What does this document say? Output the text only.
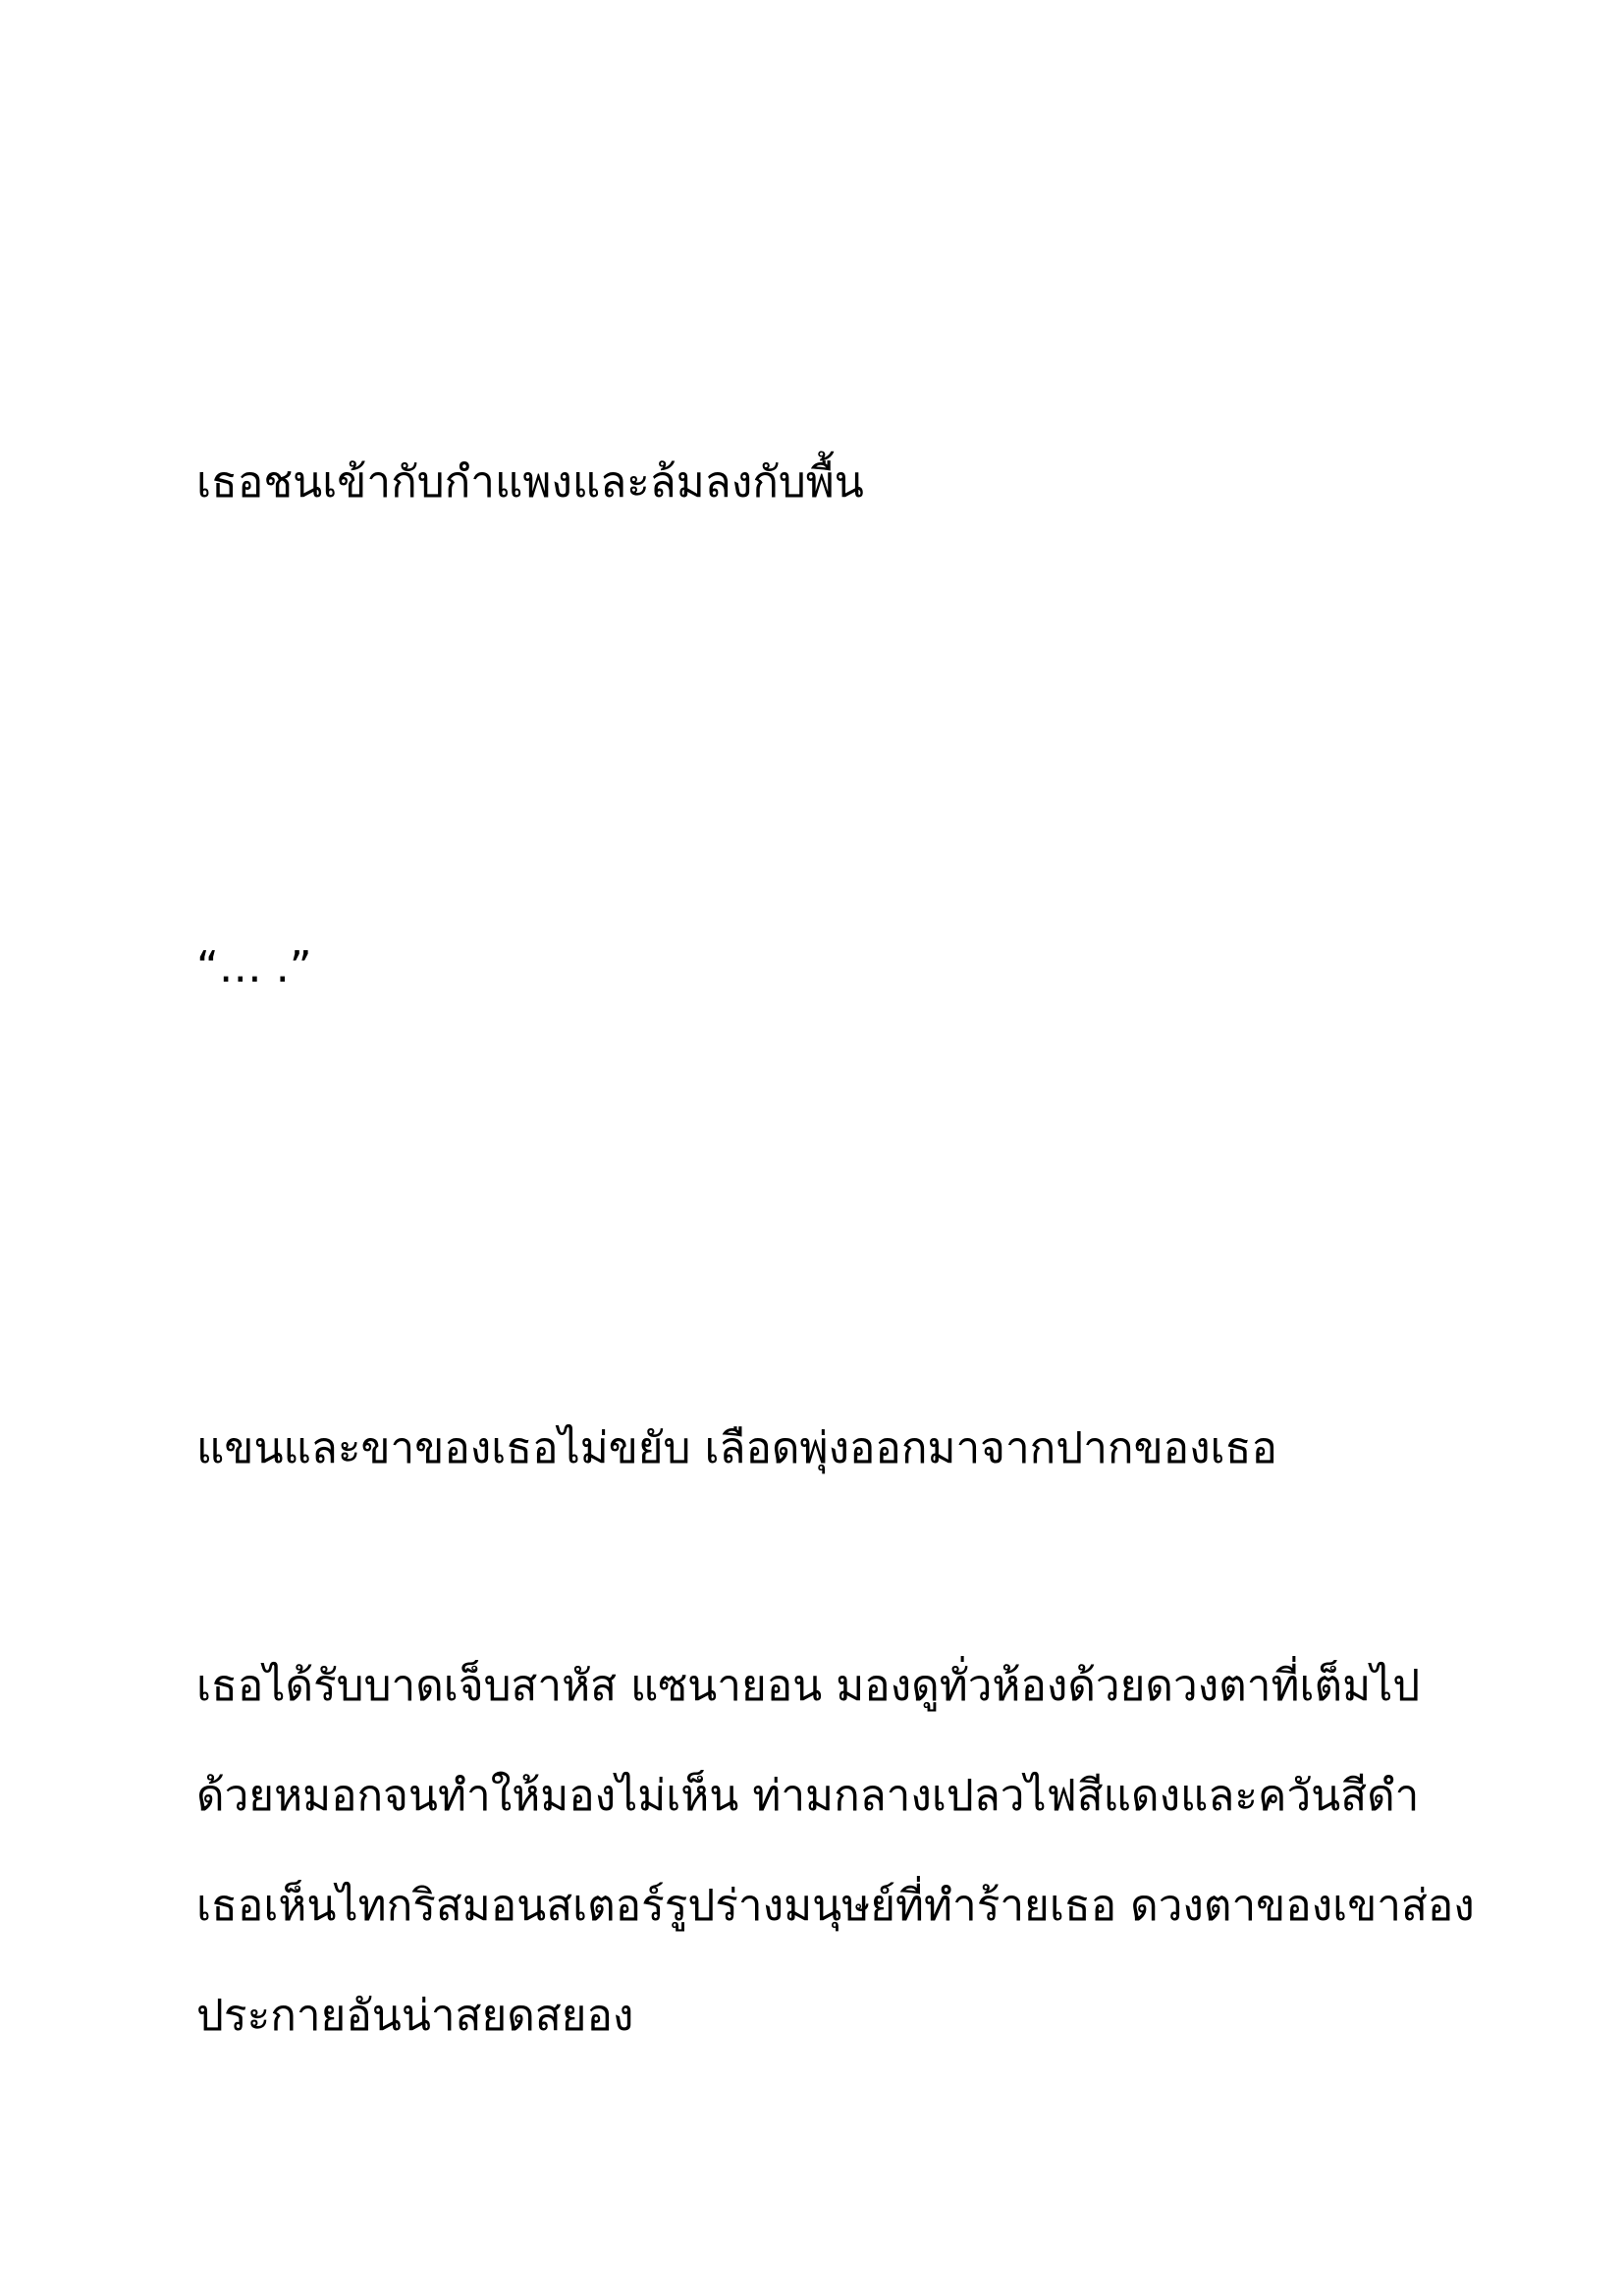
เธอชนเข้ากับกำแพงและล้มลงกับพื้น

“… .”

แขนและขาของเธอไม่ขยับ เลือดพุ่งออกมาจากปากของเธอ

เธอได้รับบาดเจ็บสาหัส แซนายอน มองดูทั่วห้องด้วยดวงตาที่เต็มไป
ด้วยหมอกจนทำให้มองไม่เห็น ท่ามกลางเปลวไฟสีแดงและควันสีดำ
เธอเห็นไทกริสมอนสเตอร์รูปร่างมนุษย์ที่ทำร้ายเธอ ดวงตาของเขาส่อง
ประกายอันน่าสยดสยอง
